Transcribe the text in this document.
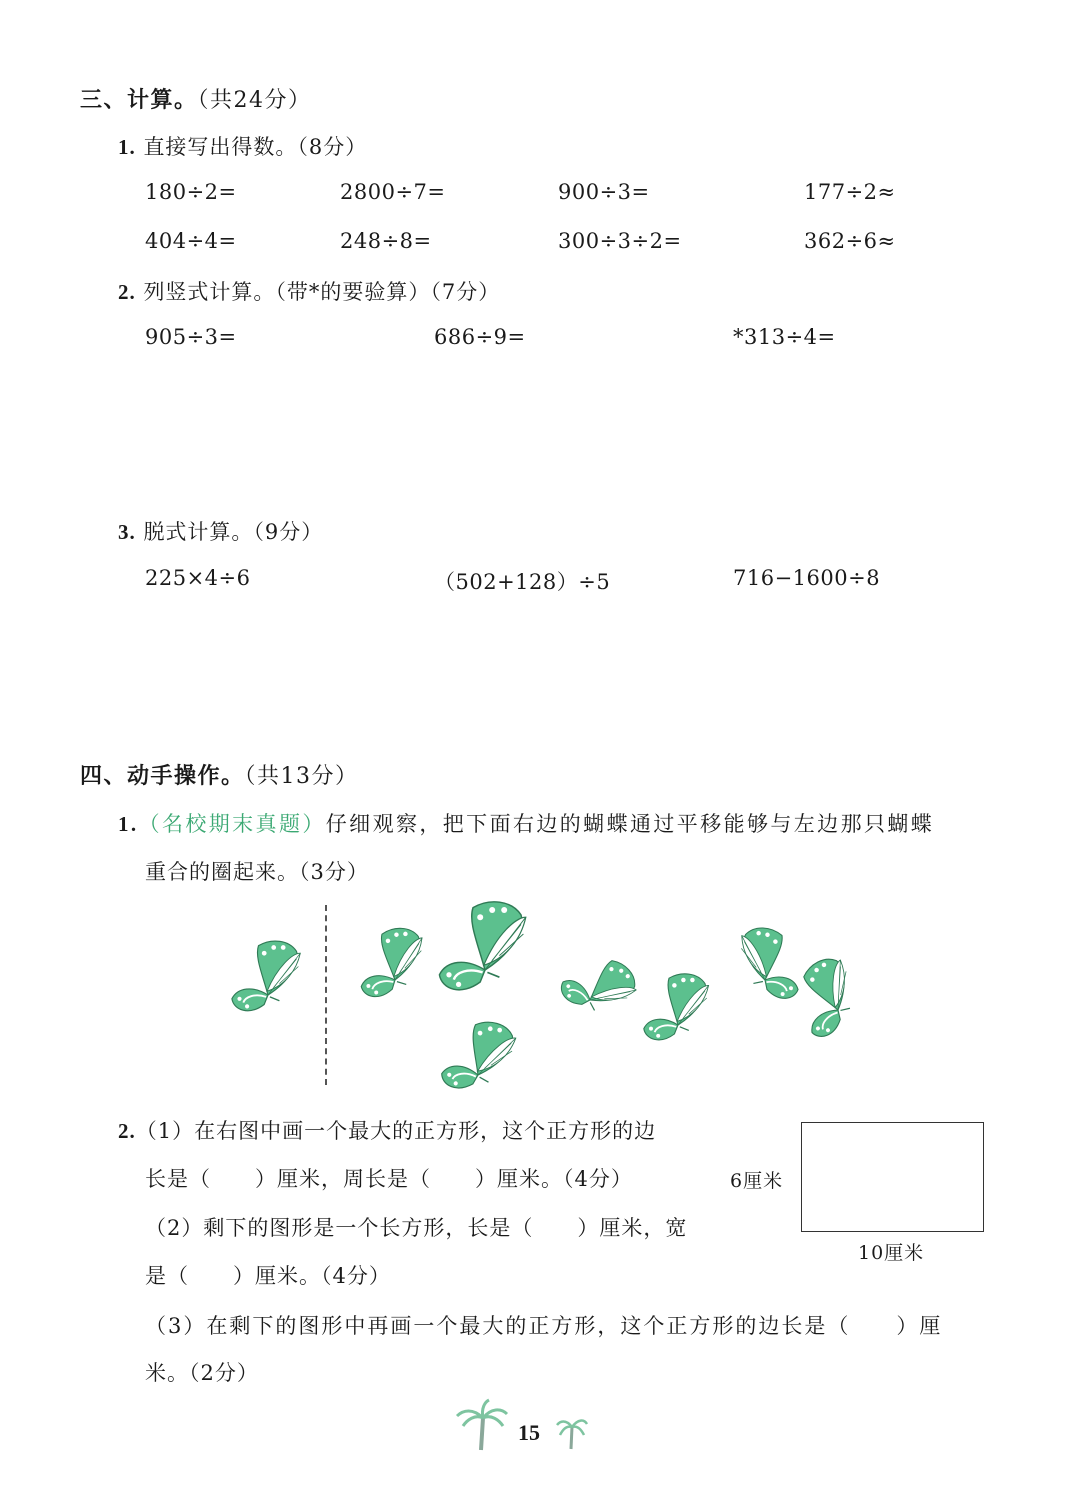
三、计算。（共24分）
1. 直接写出得数。（8分）
180÷2=	2800÷7=	900÷3=	177÷2≈
404÷4=	248÷8=	300÷3÷2=	362÷6≈
2. 列竖式计算。（带*的要验算）（7分）
905÷3=	686÷9=	*313÷4=
3. 脱式计算。（9分）
225×4÷6	（502+128）÷5	716−1600÷8
四、动手操作。（共13分）
1.（名校期末真题）仔细观察，把下面右边的蝴蝶通过平移能够与左边那只蝴蝶
重合的圈起来。（3分）
2.（1）在右图中画一个最大的正方形，这个正方形的边
长是（　　）厘米，周长是（　　）厘米。（4分）
（2）剩下的图形是一个长方形，长是（　　）厘米，宽
是（　　）厘米。（4分）
（3）在剩下的图形中再画一个最大的正方形，这个正方形的边长是（　　）厘
米。（2分）
6厘米
10厘米
15
